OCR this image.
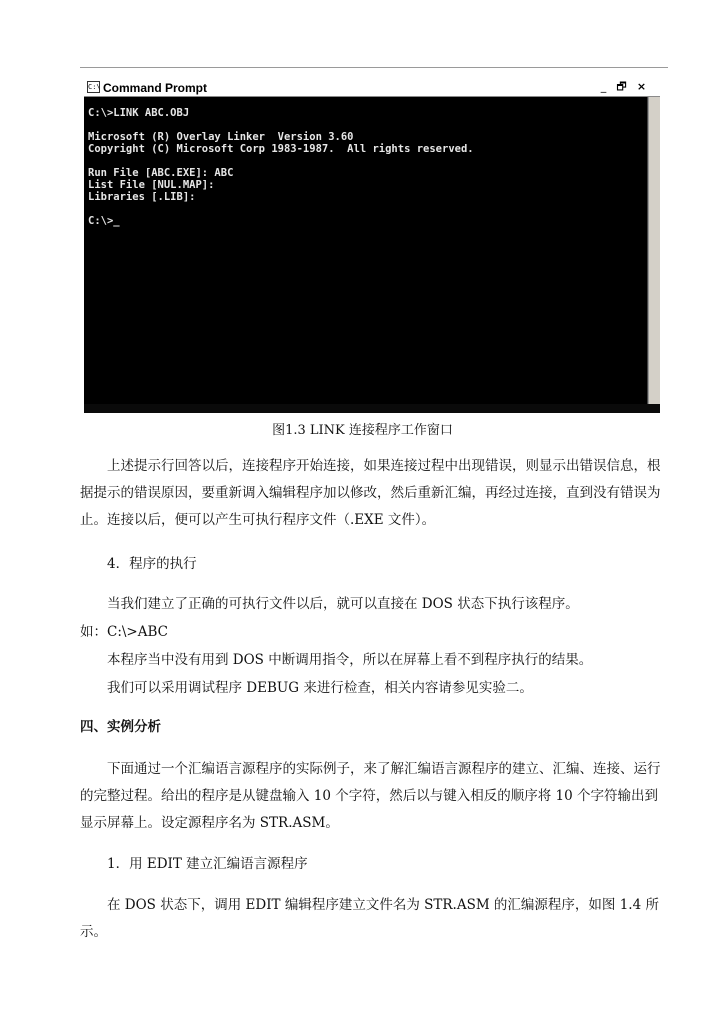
C:\ Command Prompt	_ 🗗 ×
C:\>LINK ABC.OBJ

Microsoft (R) Overlay Linker  Version 3.60
Copyright (C) Microsoft Corp 1983-1987.  All rights reserved.

Run File [ABC.EXE]: ABC
List File [NUL.MAP]:
Libraries [.LIB]:

C:\>_
图1.3 LINK 连接程序工作窗口

上述提示行回答以后，连接程序开始连接，如果连接过程中出现错误，则显示出错误信息，根据提示的错误原因，要重新调入编辑程序加以修改，然后重新汇编，再经过连接，直到没有错误为止。连接以后，便可以产生可执行程序文件（.EXE 文件）。

4．程序的执行

当我们建立了正确的可执行文件以后，就可以直接在 DOS 状态下执行该程序。

如：C:\>ABC

本程序当中没有用到 DOS 中断调用指令，所以在屏幕上看不到程序执行的结果。

我们可以采用调试程序 DEBUG 来进行检查，相关内容请参见实验二。

四、实例分析

下面通过一个汇编语言源程序的实际例子，来了解汇编语言源程序的建立、汇编、连接、运行的完整过程。给出的程序是从键盘输入 10 个字符，然后以与键入相反的顺序将 10 个字符输出到显示屏幕上。设定源程序名为 STR.ASM。

1．用 EDIT 建立汇编语言源程序

在 DOS 状态下，调用 EDIT 编辑程序建立文件名为 STR.ASM 的汇编源程序，如图 1.4 所示。
